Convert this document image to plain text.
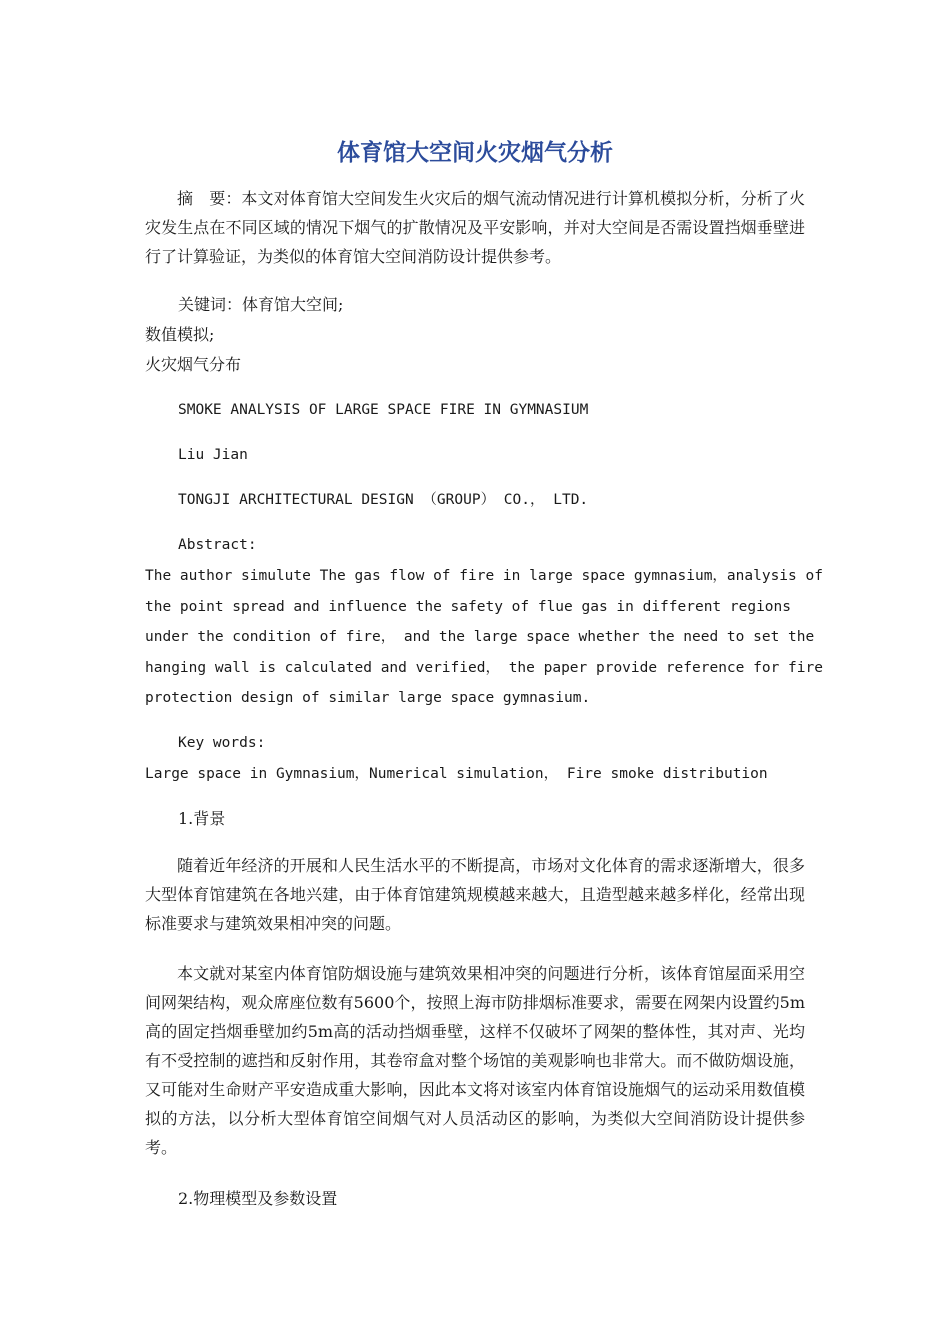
体育馆大空间火灾烟气分析
摘　要：本文对体育馆大空间发生火灾后的烟气流动情况进行计算机模拟分析，分析了火灾发生点在不同区域的情况下烟气的扩散情况及平安影响，并对大空间是否需设置挡烟垂壁进行了计算验证，为类似的体育馆大空间消防设计提供参考。
关键词：体育馆大空间;
数值模拟;
火灾烟气分布
SMOKE ANALYSIS OF LARGE SPACE FIRE IN GYMNASIUM
Liu Jian
TONGJI ARCHITECTURAL DESIGN （GROUP） CO.， LTD.
Abstract:
The author simulute The gas flow of fire in large space gymnasium，analysis of
the point spread and influence the safety of flue gas in different regions
under the condition of fire， and the large space whether the need to set the
hanging wall is calculated and verified， the paper provide reference for fire
protection design of similar large space gymnasium.
Key words:
Large space in Gymnasium，Numerical simulation， Fire smoke distribution
1.背景
随着近年经济的开展和人民生活水平的不断提高，市场对文化体育的需求逐渐增大，很多大型体育馆建筑在各地兴建，由于体育馆建筑规模越来越大，且造型越来越多样化，经常出现标准要求与建筑效果相冲突的问题。
本文就对某室内体育馆防烟设施与建筑效果相冲突的问题进行分析，该体育馆屋面采用空间网架结构，观众席座位数有5600个，按照上海市防排烟标准要求，需要在网架内设置约5m高的固定挡烟垂壁加约5m高的活动挡烟垂壁，这样不仅破坏了网架的整体性，其对声、光均有不受控制的遮挡和反射作用，其卷帘盒对整个场馆的美观影响也非常大。而不做防烟设施，又可能对生命财产平安造成重大影响，因此本文将对该室内体育馆设施烟气的运动采用数值模拟的方法，以分析大型体育馆空间烟气对人员活动区的影响，为类似大空间消防设计提供参考。
2.物理模型及参数设置
